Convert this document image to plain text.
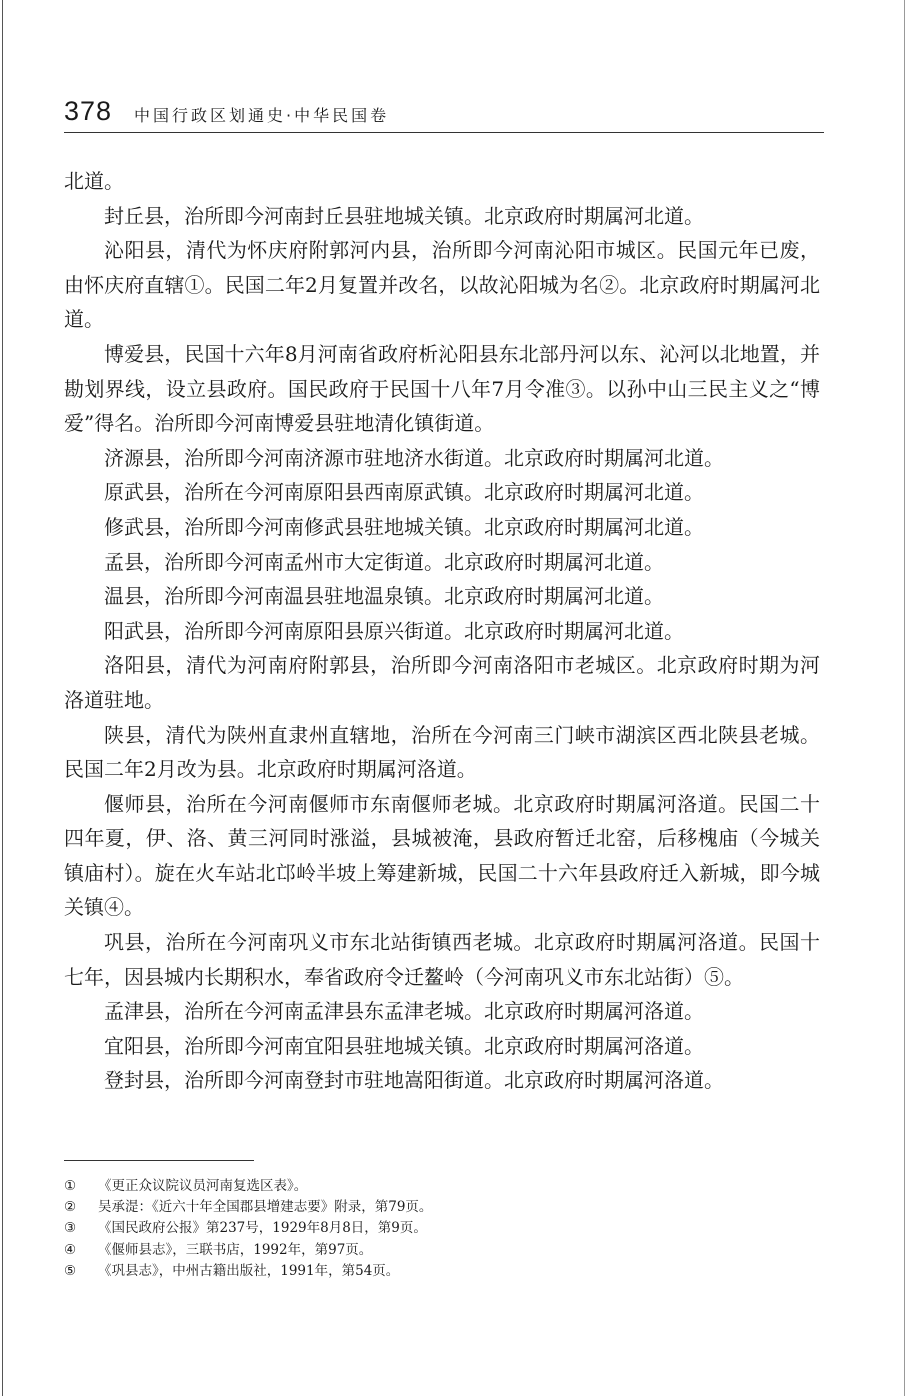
378 中国行政区划通史·中华民国卷

北道。

封丘县，治所即今河南封丘县驻地城关镇。北京政府时期属河北道。

沁阳县，清代为怀庆府附郭河内县，治所即今河南沁阳市城区。民国元年已废，由怀庆府直辖①。民国二年2月复置并改名，以故沁阳城为名②。北京政府时期属河北道。

博爱县，民国十六年8月河南省政府析沁阳县东北部丹河以东、沁河以北地置，并勘划界线，设立县政府。国民政府于民国十八年7月令准③。以孙中山三民主义之“博爱”得名。治所即今河南博爱县驻地清化镇街道。

济源县，治所即今河南济源市驻地济水街道。北京政府时期属河北道。

原武县，治所在今河南原阳县西南原武镇。北京政府时期属河北道。

修武县，治所即今河南修武县驻地城关镇。北京政府时期属河北道。

孟县，治所即今河南孟州市大定街道。北京政府时期属河北道。

温县，治所即今河南温县驻地温泉镇。北京政府时期属河北道。

阳武县，治所即今河南原阳县原兴街道。北京政府时期属河北道。

洛阳县，清代为河南府附郭县，治所即今河南洛阳市老城区。北京政府时期为河洛道驻地。

陕县，清代为陕州直隶州直辖地，治所在今河南三门峡市湖滨区西北陕县老城。民国二年2月改为县。北京政府时期属河洛道。

偃师县，治所在今河南偃师市东南偃师老城。北京政府时期属河洛道。民国二十四年夏，伊、洛、黄三河同时涨溢，县城被淹，县政府暂迁北窑，后移槐庙（今城关镇庙村）。旋在火车站北邙岭半坡上筹建新城，民国二十六年县政府迁入新城，即今城关镇④。

巩县，治所在今河南巩义市东北站街镇西老城。北京政府时期属河洛道。民国十七年，因县城内长期积水，奉省政府令迁鳌岭（今河南巩义市东北站街）⑤。

孟津县，治所在今河南孟津县东孟津老城。北京政府时期属河洛道。

宜阳县，治所即今河南宜阳县驻地城关镇。北京政府时期属河洛道。

登封县，治所即今河南登封市驻地嵩阳街道。北京政府时期属河洛道。

①	《更正众议院议员河南复选区表》。
②	吴承湜：《近六十年全国郡县增建志要》附录，第79页。
③	《国民政府公报》第237号，1929年8月8日，第9页。
④	《偃师县志》，三联书店，1992年，第97页。
⑤	《巩县志》，中州古籍出版社，1991年，第54页。
